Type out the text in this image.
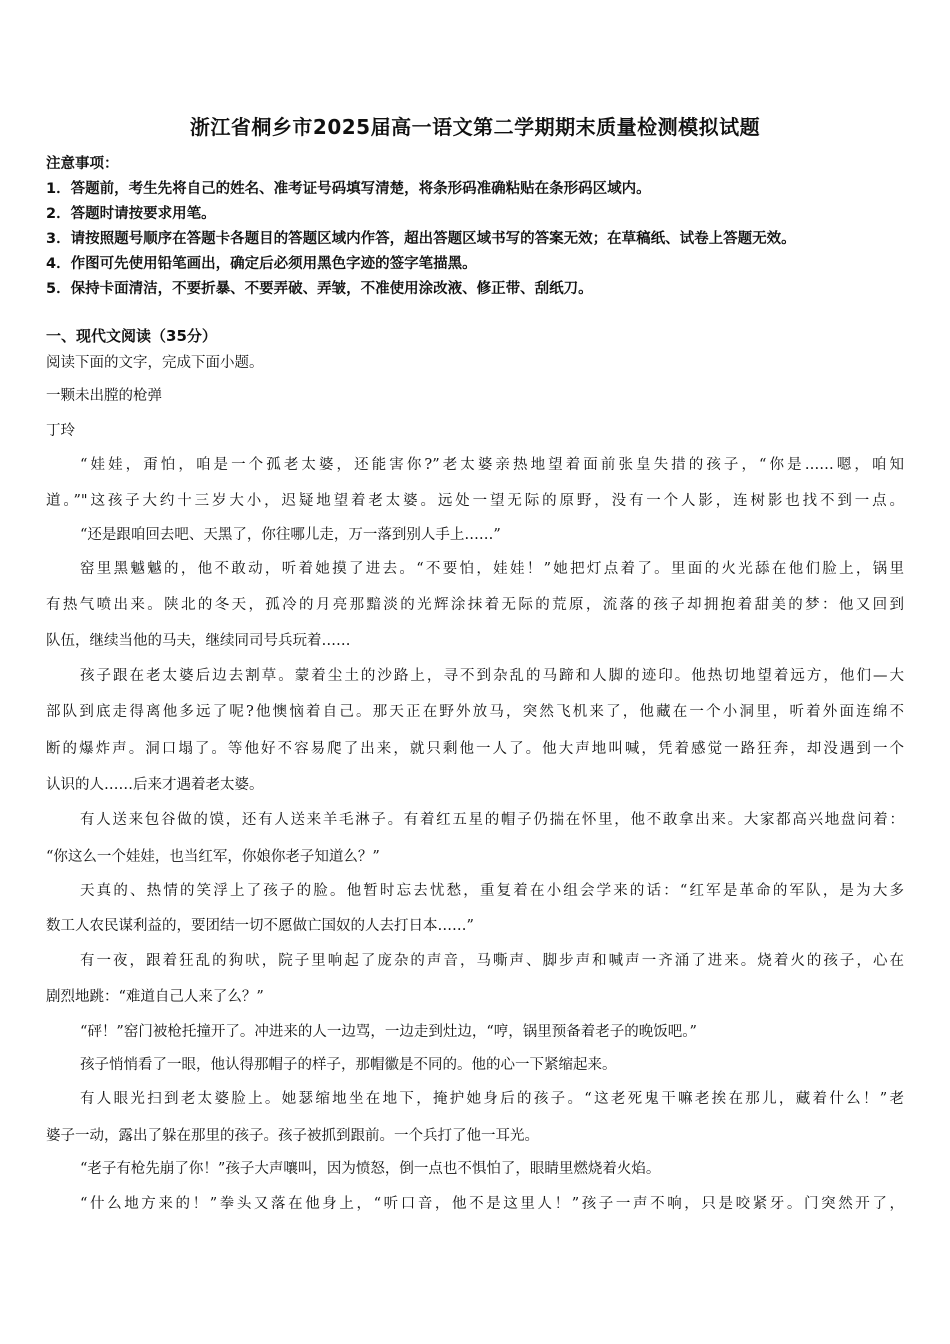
浙江省桐乡市2025届高一语文第二学期期末质量检测模拟试题
注意事项：
1．答题前，考生先将自己的姓名、准考证号码填写清楚，将条形码准确粘贴在条形码区域内。
2．答题时请按要求用笔。
3．请按照题号顺序在答题卡各题目的答题区域内作答，超出答题区域书写的答案无效；在草稿纸、试卷上答题无效。
4．作图可先使用铅笔画出，确定后必须用黑色字迹的签字笔描黑。
5．保持卡面清洁，不要折暴、不要弄破、弄皱，不准使用涂改液、修正带、刮纸刀。
一、现代文阅读（35分）
阅读下面的文字，完成下面小题。
一颗未出膛的枪弹
丁玲
“娃娃，甭怕，咱是一个孤老太婆，还能害你?”老太婆亲热地望着面前张皇失措的孩子，“你是……嗯，咱知
道。”"这孩子大约十三岁大小，迟疑地望着老太婆。远处一望无际的原野，没有一个人影，连树影也找不到一点。
“还是跟咱回去吧、天黑了，你往哪儿走，万一落到别人手上……”
窑里黑魆魆的，他不敢动，听着她摸了进去。“不要怕，娃娃！”她把灯点着了。里面的火光舔在他们脸上，锅里
有热气喷出来。陕北的冬天，孤冷的月亮那黯淡的光辉涂抹着无际的荒原，流落的孩子却拥抱着甜美的梦：他又回到
队伍，继续当他的马夫，继续同司号兵玩着……
孩子跟在老太婆后边去割草。蒙着尘土的沙路上，寻不到杂乱的马蹄和人脚的迹印。他热切地望着远方，他们—大
部队到底走得离他多远了呢?他懊恼着自己。那天正在野外放马，突然飞机来了，他藏在一个小洞里，听着外面连绵不
断的爆炸声。洞口塌了。等他好不容易爬了出来，就只剩他一人了。他大声地叫喊，凭着感觉一路狂奔，却没遇到一个
认识的人……后来才遇着老太婆。
有人送来包谷做的馍，还有人送来羊毛淋子。有着红五星的帽子仍揣在怀里，他不敢拿出来。大家都高兴地盘问着：
“你这么一个娃娃，也当红军，你娘你老子知道么？”
天真的、热情的笑浮上了孩子的脸。他暂时忘去忧愁，重复着在小组会学来的话：“红军是革命的军队，是为大多
数工人农民谋利益的，要团结一切不愿做亡国奴的人去打日本……”
有一夜，跟着狂乱的狗吠，院子里响起了庞杂的声音，马嘶声、脚步声和喊声一齐涌了进来。烧着火的孩子，心在
剧烈地跳：“难道自己人来了么？”
“砰！”窑门被枪托撞开了。冲进来的人一边骂，一边走到灶边，“哼，锅里预备着老子的晚饭吧。”
孩子悄悄看了一眼，他认得那帽子的样子，那帽徽是不同的。他的心一下紧缩起来。
有人眼光扫到老太婆脸上。她瑟缩地坐在地下，掩护她身后的孩子。“这老死鬼干嘛老挨在那儿，藏着什么！”老
婆子一动，露出了躲在那里的孩子。孩子被抓到跟前。一个兵打了他一耳光。
“老子有枪先崩了你！”孩子大声嚷叫，因为愤怒，倒一点也不惧怕了，眼睛里燃烧着火焰。
“什么地方来的！”拳头又落在他身上，“听口音，他不是这里人！”孩子一声不响，只是咬紧牙。门突然开了，
